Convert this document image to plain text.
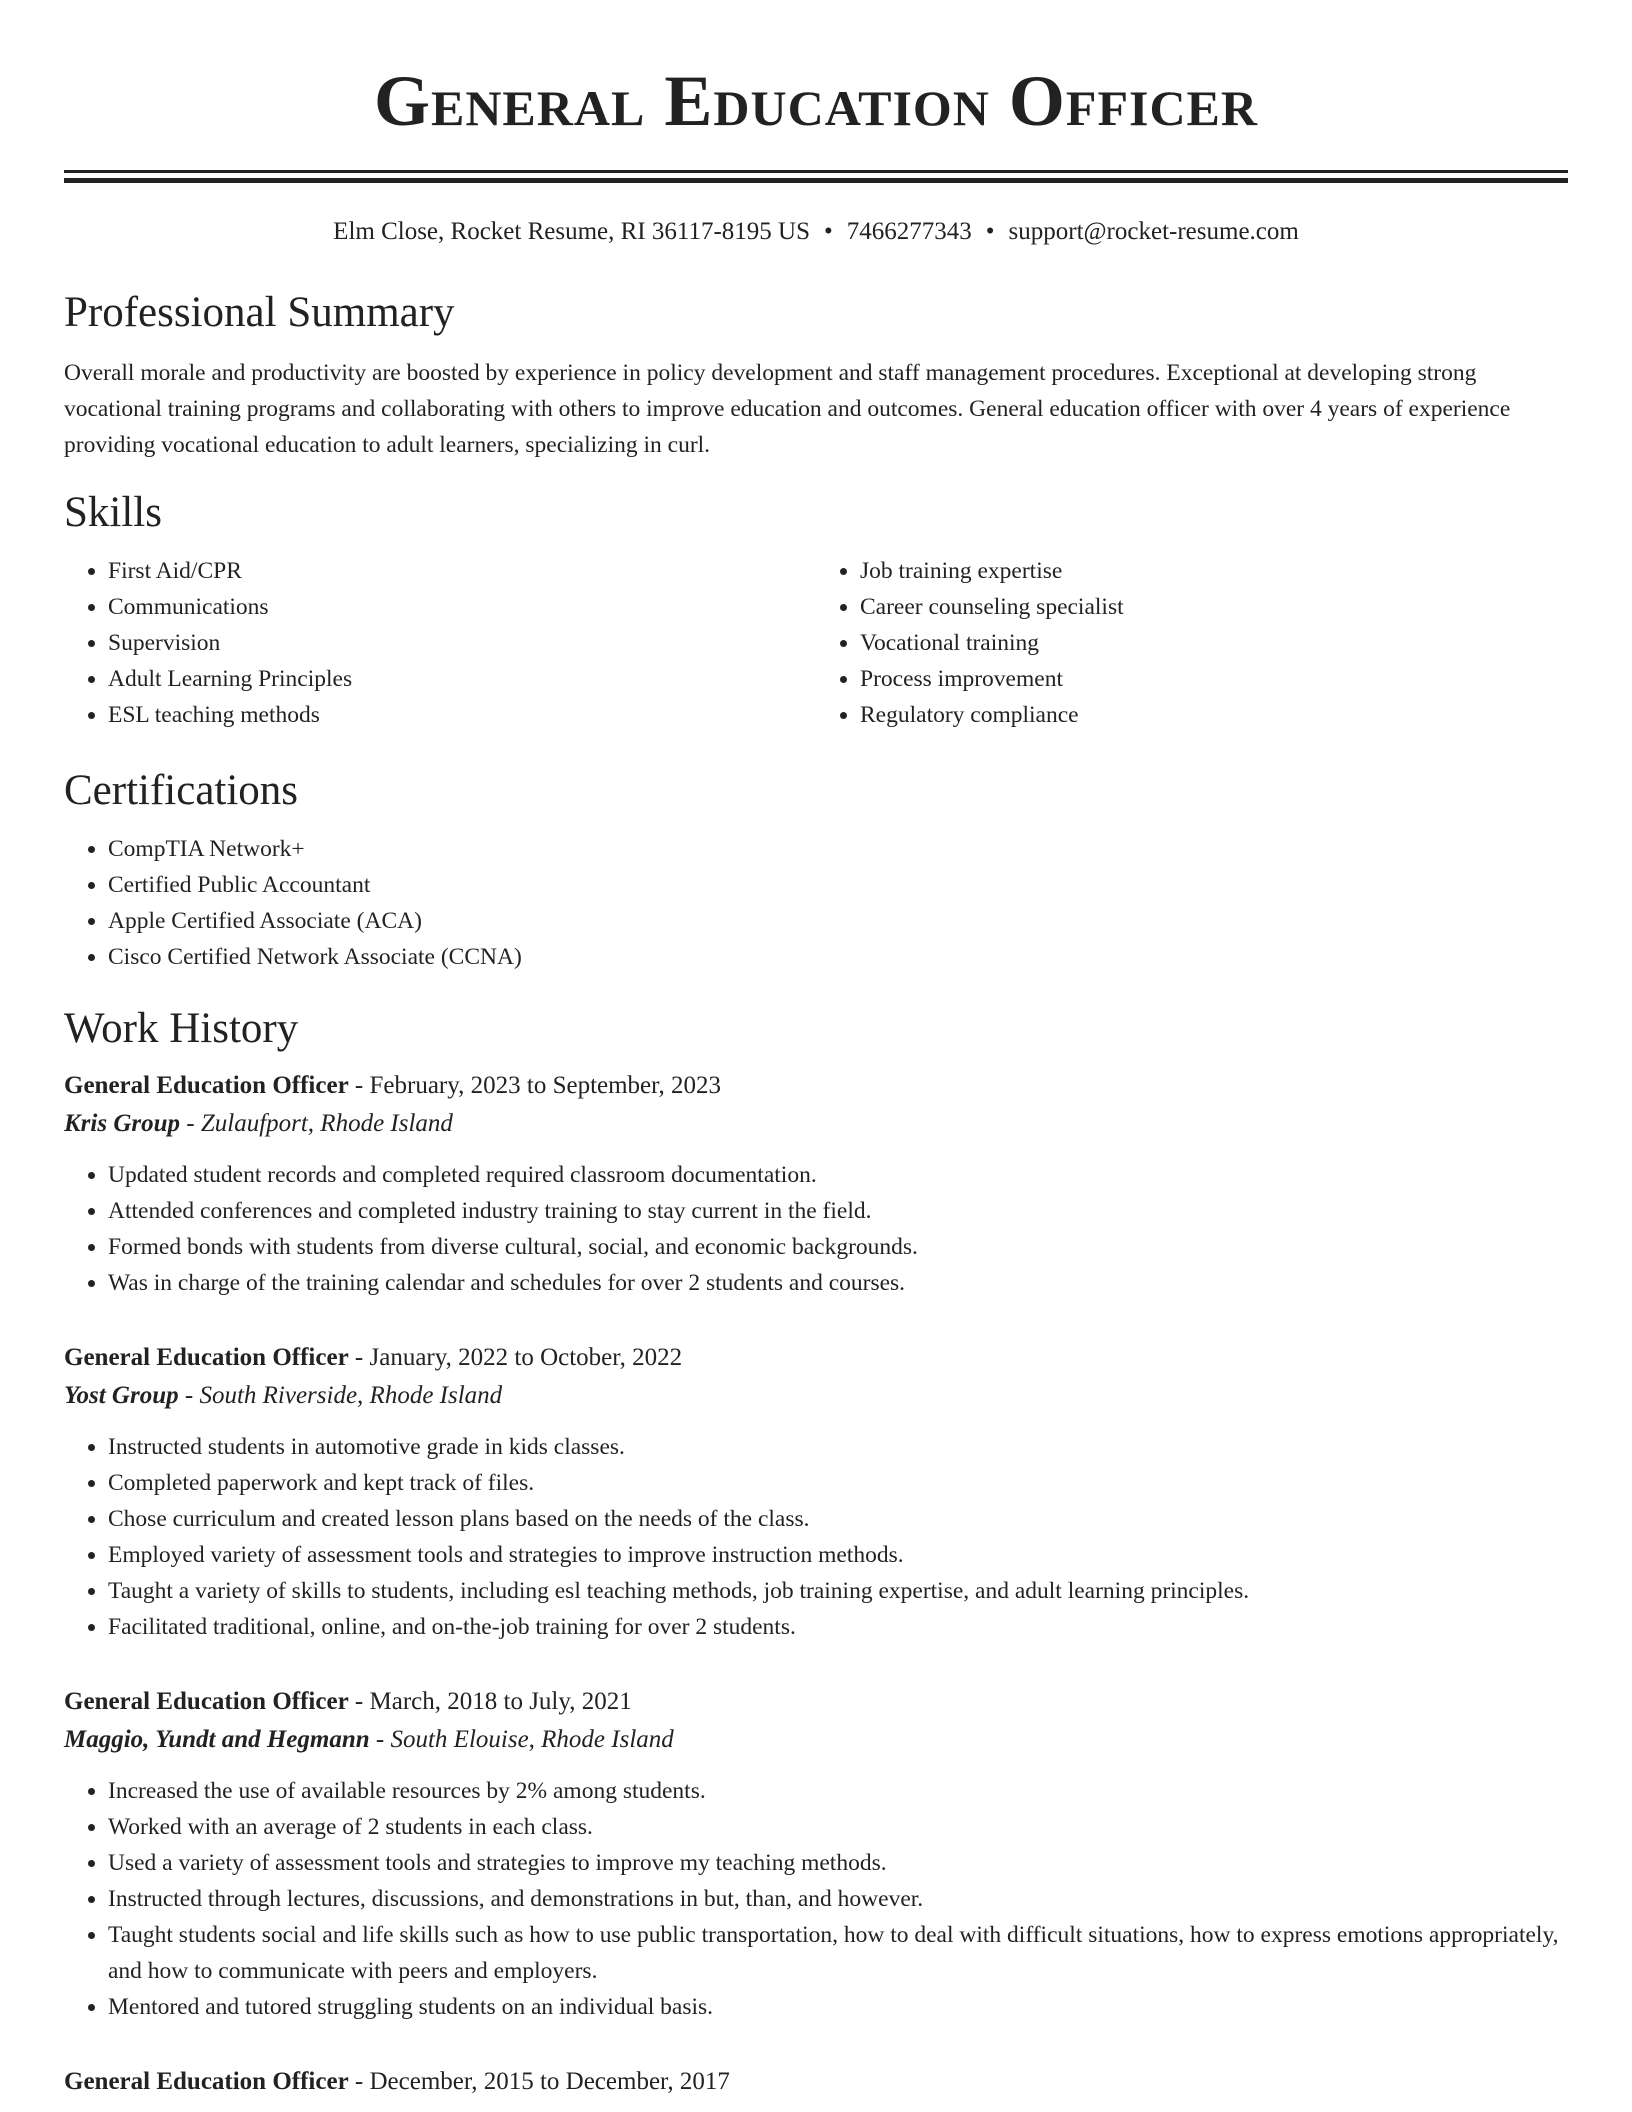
General Education Officer
Elm Close, Rocket Resume, RI 36117-8195 US • 7466277343 • support@rocket-resume.com
Professional Summary

Overall morale and productivity are boosted by experience in policy development and staff management procedures. Exceptional at developing strong vocational training programs and collaborating with others to improve education and outcomes. General education officer with over 4 years of experience providing vocational education to adult learners, specializing in curl.

Skills
• First Aid/CPR
• Communications
• Supervision
• Adult Learning Principles
• ESL teaching methods
• Job training expertise
• Career counseling specialist
• Vocational training
• Process improvement
• Regulatory compliance
Certifications
• CompTIA Network+
• Certified Public Accountant
• Apple Certified Associate (ACA)
• Cisco Certified Network Associate (CCNA)
Work History
General Education Officer - February, 2023 to September, 2023
Kris Group - Zulaufport, Rhode Island
• Updated student records and completed required classroom documentation.
• Attended conferences and completed industry training to stay current in the field.
• Formed bonds with students from diverse cultural, social, and economic backgrounds.
• Was in charge of the training calendar and schedules for over 2 students and courses.
General Education Officer - January, 2022 to October, 2022
Yost Group - South Riverside, Rhode Island
• Instructed students in automotive grade in kids classes.
• Completed paperwork and kept track of files.
• Chose curriculum and created lesson plans based on the needs of the class.
• Employed variety of assessment tools and strategies to improve instruction methods.
• Taught a variety of skills to students, including esl teaching methods, job training expertise, and adult learning principles.
• Facilitated traditional, online, and on-the-job training for over 2 students.
General Education Officer - March, 2018 to July, 2021
Maggio, Yundt and Hegmann - South Elouise, Rhode Island
• Increased the use of available resources by 2% among students.
• Worked with an average of 2 students in each class.
• Used a variety of assessment tools and strategies to improve my teaching methods.
• Instructed through lectures, discussions, and demonstrations in but, than, and however.
• Taught students social and life skills such as how to use public transportation, how to deal with difficult situations, how to express emotions appropriately, and how to communicate with peers and employers.
• Mentored and tutored struggling students on an individual basis.
General Education Officer - December, 2015 to December, 2017
